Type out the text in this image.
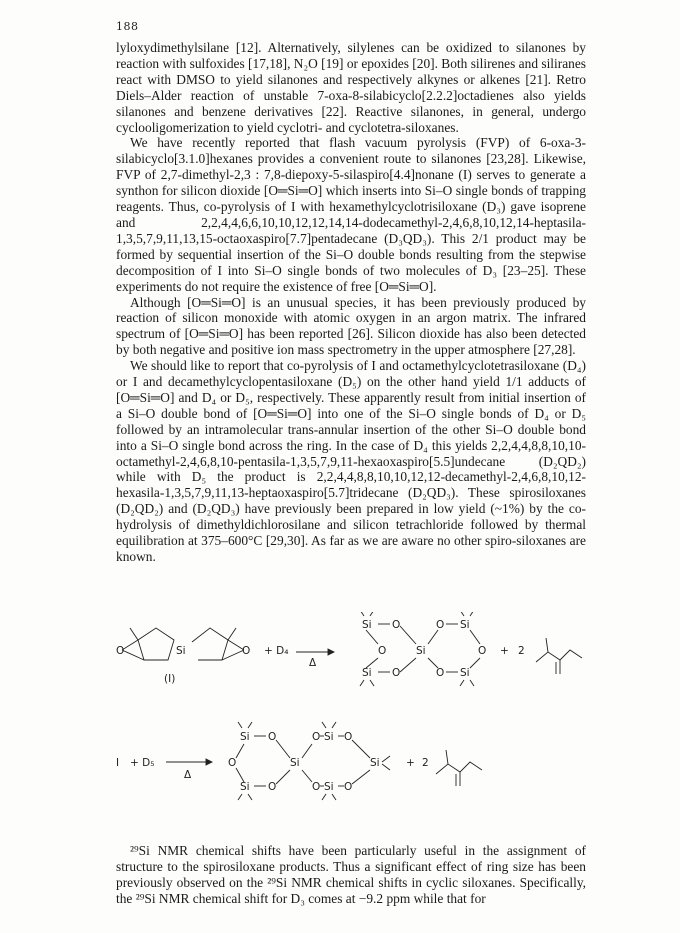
188

lyloxydimethylsilane [12]. Alternatively, silylenes can be oxidized to silanones by reaction with sulfoxides [17,18], N₂O [19] or epoxides [20]. Both silirenes and siliranes react with DMSO to yield silanones and respectively alkynes or alkenes [21]. Retro Diels–Alder reaction of unstable 7-oxa-8-silabicyclo[2.2.2]octadienes also yields silanones and benzene derivatives [22]. Reactive silanones, in general, undergo cyclooligomerization to yield cyclotri- and cyclotetra-siloxanes.

We have recently reported that flash vacuum pyrolysis (FVP) of 6-oxa-3-silabicyclo[3.1.0]hexanes provides a convenient route to silanones [23,28]. Likewise, FVP of 2,7-dimethyl-2,3 : 7,8-diepoxy-5-silaspiro[4.4]nonane (I) serves to generate a synthon for silicon dioxide [O═Si═O] which inserts into Si–O single bonds of trapping reagents. Thus, co-pyrolysis of I with hexamethylcyclotrisiloxane (D₃) gave isoprene and 2,2,4,4,6,6,10,10,12,12,14,14-dodecamethyl-2,4,6,8,10,12,14-heptasila-1,3,5,7,9,11,13,15-octaoxaspiro[7.7]pentadecane (D₃QD₃). This 2/1 product may be formed by sequential insertion of the Si–O double bonds resulting from the stepwise decomposition of I into Si–O single bonds of two molecules of D₃ [23–25]. These experiments do not require the existence of free [O═Si═O].

Although [O═Si═O] is an unusual species, it has been previously produced by reaction of silicon monoxide with atomic oxygen in an argon matrix. The infrared spectrum of [O═Si═O] has been reported [26]. Silicon dioxide has also been detected by both negative and positive ion mass spectrometry in the upper atmosphere [27,28].

We should like to report that co-pyrolysis of I and octamethylcyclotetrasiloxane (D₄) or I and decamethylcyclopentasiloxane (D₅) on the other hand yield 1/1 adducts of [O═Si═O] and D₄ or D₅, respectively. These apparently result from initial insertion of a Si–O double bond of [O═Si═O] into one of the Si–O single bonds of D₄ or D₅ followed by an intramolecular trans-annular insertion of the other Si–O double bond into a Si–O single bond across the ring. In the case of D₄ this yields 2,2,4,4,8,8,10,10-octamethyl-2,4,6,8,10-pentasila-1,3,5,7,9,11-hexaoxaspiro[5.5]undecane (D₂QD₂) while with D₅ the product is 2,2,4,4,8,8,10,10,12,12-decamethyl-2,4,6,8,10,12-hexasila-1,3,5,7,9,11,13-heptaoxaspiro[5.7]tridecane (D₂QD₃). These spirosiloxanes (D₂QD₂) and (D₂QD₃) have previously been prepared in low yield (~1%) by the co-hydrolysis of dimethyldichlorosilane and silicon tetrachloride followed by thermal equilibration at 375–600°C [29,30]. As far as we are aware no other spiro-siloxanes are known.

O	Si	O
(I)
+ D₄
Δ
Si O
O
Si O
Si
O Si
O
O Si
+ 2
I + D₅
Δ
O
Si O
Si O
Si
O Si O
O Si O
Si	+ 2

²⁹Si NMR chemical shifts have been particularly useful in the assignment of structure to the spirosiloxane products. Thus a significant effect of ring size has been previously observed on the ²⁹Si NMR chemical shifts in cyclic siloxanes. Specifically, the ²⁹Si NMR chemical shift for D₃ comes at −9.2 ppm while that for
